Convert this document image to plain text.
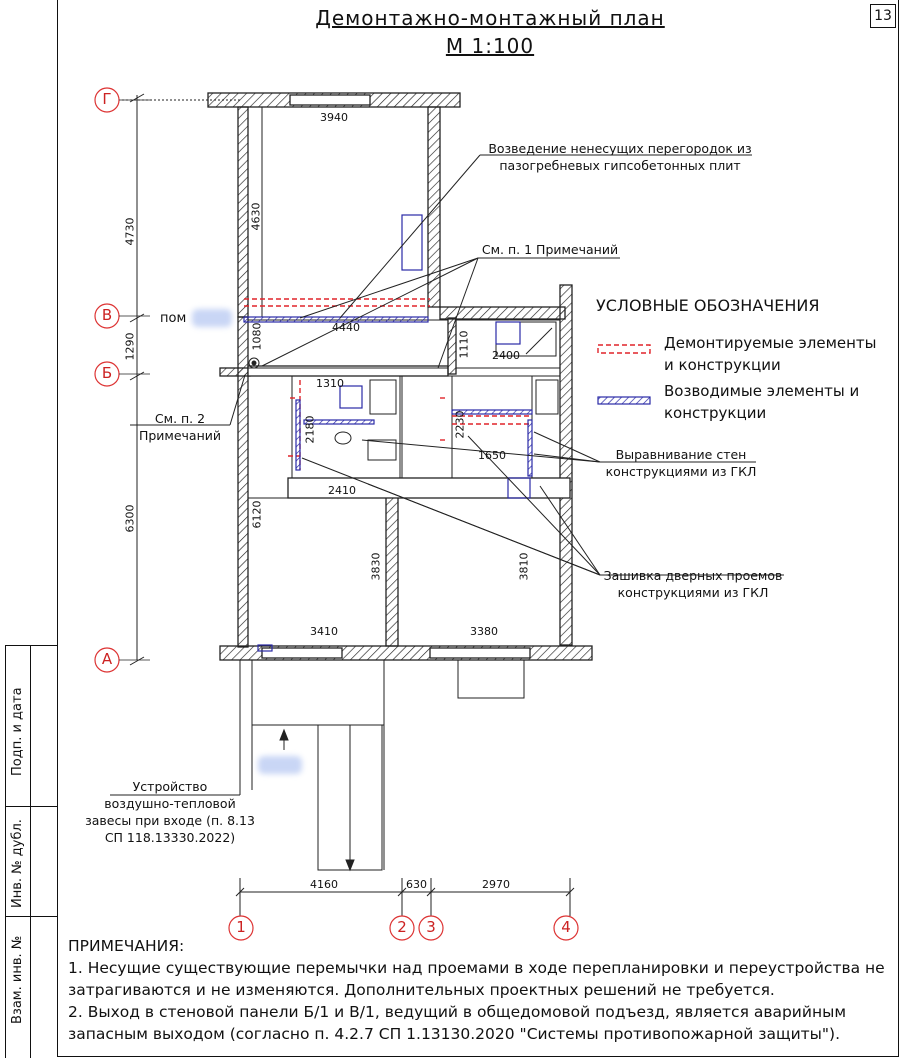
13
Демонтажно-монтажный план
М 1:100
Подп. и дата
Инв. № дубл.
Взам. инв. №
Г
В
Б
А
1	2 3	4
4730
1290
6300
4160	630	2970
3940
4630
4440
1080
1310
2180
2410
6120
3830
3410	3380
3810
2230
1650
2400
1110
пом
УСЛОВНЫЕ ОБОЗНАЧЕНИЯ
Демонтируемые элементы
и конструкции
Возводимые элементы и
конструкции
Возведение ненесущих перегородок из
пазогребневых гипсобетонных плит
См. п. 1 Примечаний
См. п. 2
Примечаний
Выравнивание стен
конструкциями из ГКЛ
Зашивка дверных проемов
конструкциями из ГКЛ
Устройство
воздушно-тепловой
завесы при входе (п. 8.13
СП 118.13330.2022)
ПРИМЕЧАНИЯ:
1. Несущие существующие перемычки над проемами в ходе перепланировки и переустройства не
затрагиваются и не изменяются. Дополнительных проектных решений не требуется.
2. Выход в стеновой панели Б/1 и В/1, ведущий в общедомовой подъезд, является аварийным
запасным выходом (согласно п. 4.2.7 СП 1.13130.2020 "Системы противопожарной защиты").
